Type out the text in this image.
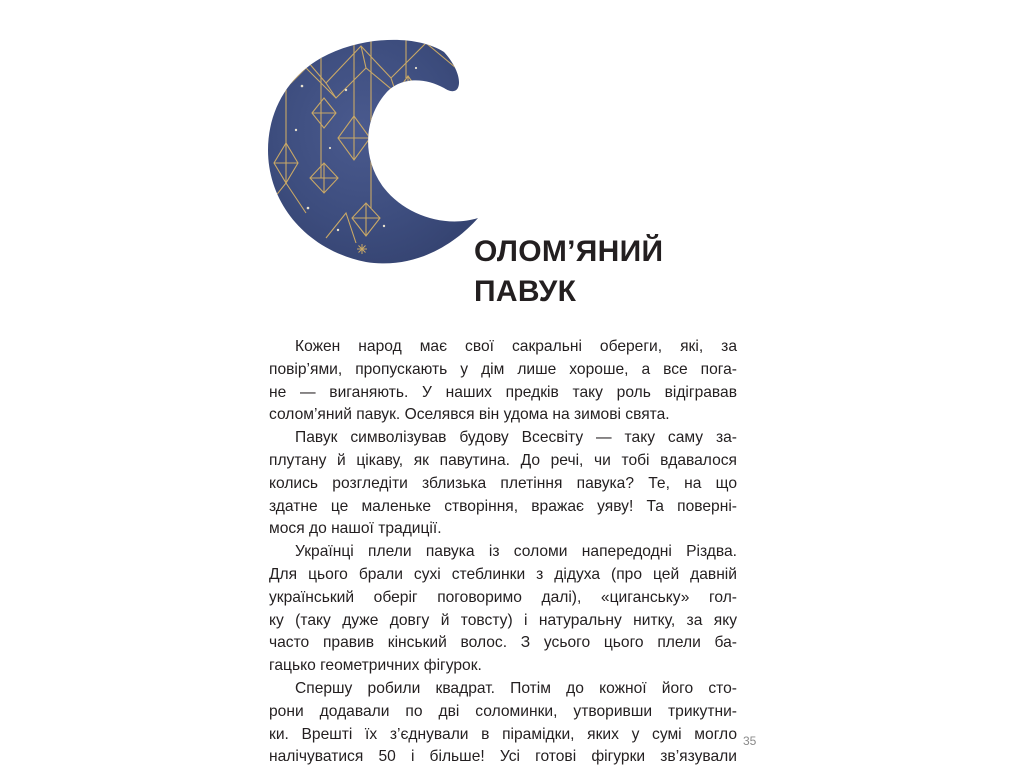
ОЛОМ’ЯНИЙ
ПАВУК
Кожен народ має свої сакральні обереги, які, за
повір’ями, пропускають у дім лише хороше, а все пога-
не — виганяють. У наших предків таку роль відігравав
солом’яний павук. Оселявся він удома на зимові свята.
Павук символізував будову Всесвіту — таку саму за-
плутану й цікаву, як павутина. До речі, чи тобі вдавалося
колись розгледіти зблизька плетіння павука? Те, на що
здатне це маленьке створіння, вражає уяву! Та поверні-
мося до нашої традиції.
Українці плели павука із соломи напередодні Різдва.
Для цього брали сухі стеблинки з дідуха (про цей давній
український оберіг поговоримо далі), «циганську» гол-
ку (таку дуже довгу й товсту) і натуральну нитку, за яку
часто правив кінський волос. З усього цього плели ба-
гацько геометричних фігурок.
Спершу робили квадрат. Потім до кожної його сто-
рони додавали по дві соломинки, утворивши трикутни-
ки. Врешті їх з’єднували в пірамідки, яких у сумі могло
налічуватися 50 і більше! Усі готові фігурки зв’язували
35
